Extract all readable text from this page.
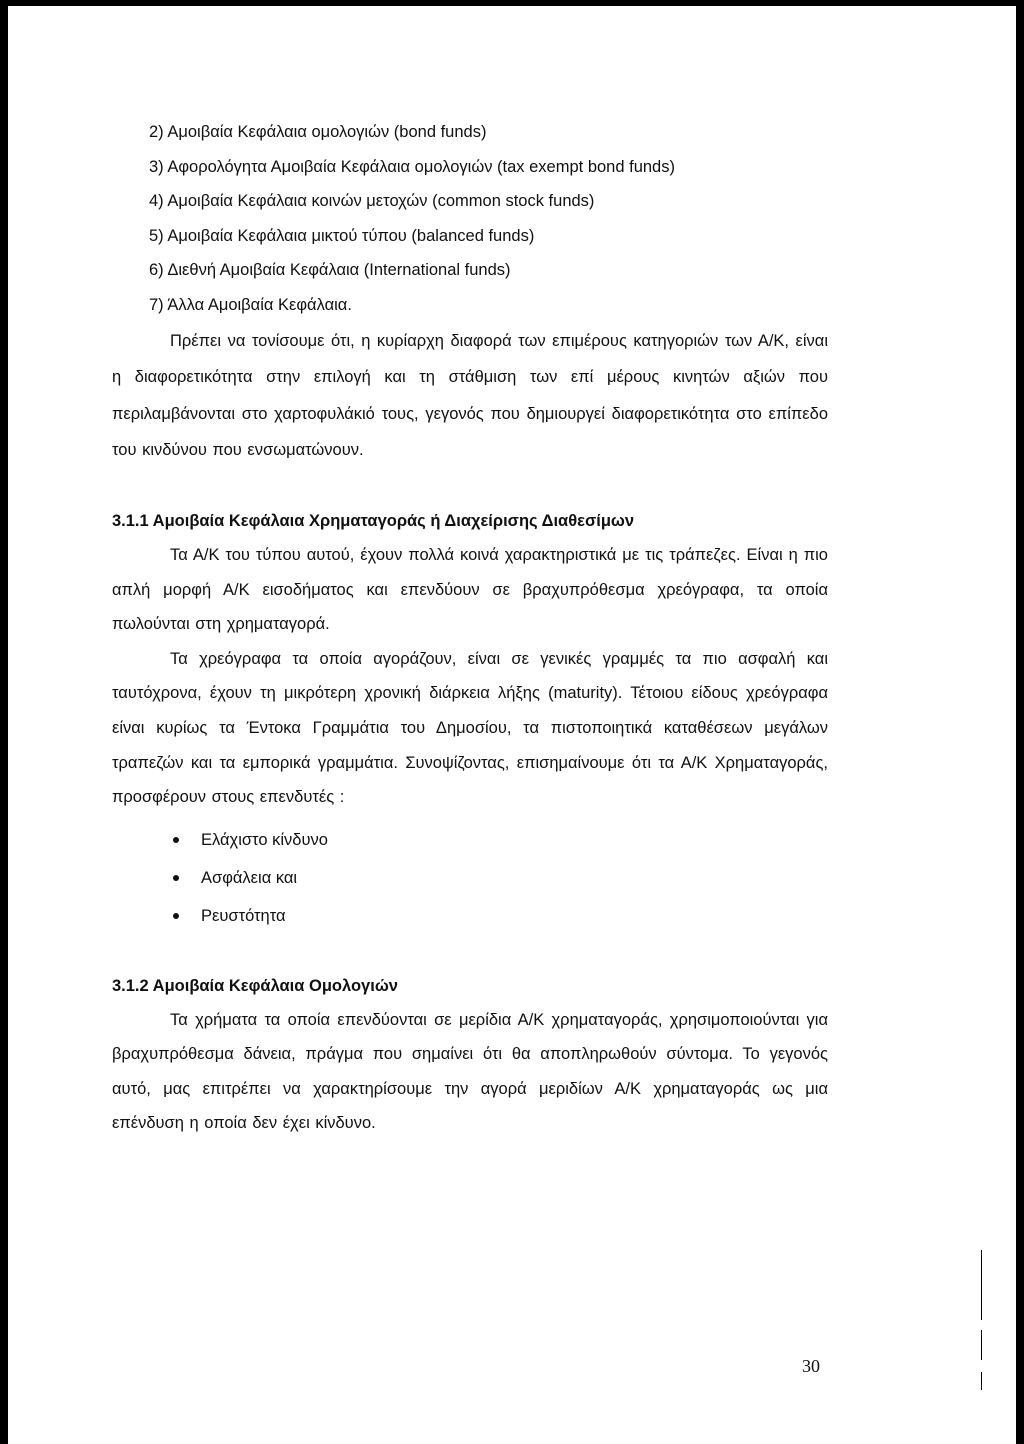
2) Αμοιβαία Κεφάλαια ομολογιών (bond funds)
3) Αφορολόγητα Αμοιβαία Κεφάλαια ομολογιών (tax exempt bond funds)
4) Αμοιβαία Κεφάλαια κοινών μετοχών (common stock funds)
5) Αμοιβαία Κεφάλαια μικτού τύπου (balanced funds)
6) Διεθνή Αμοιβαία Κεφάλαια (International funds)
7) Άλλα Αμοιβαία Κεφάλαια.

Πρέπει να τονίσουμε ότι, η κυρίαρχη διαφορά των επιμέρους κατηγοριών των Α/Κ, είναι η διαφορετικότητα στην επιλογή και τη στάθμιση των επί μέρους κινητών αξιών που περιλαμβάνονται στο χαρτοφυλάκιό τους, γεγονός που δημιουργεί διαφορετικότητα στο επίπεδο του κινδύνου που ενσωματώνουν.

3.1.1 Αμοιβαία Κεφάλαια Χρηματαγοράς ή Διαχείρισης Διαθεσίμων

Τα Α/Κ του τύπου αυτού, έχουν πολλά κοινά χαρακτηριστικά με τις τράπεζες. Είναι η πιο απλή μορφή Α/Κ εισοδήματος και επενδύουν σε βραχυπρόθεσμα χρεόγραφα, τα οποία πωλούνται στη χρηματαγορά.

Τα χρεόγραφα τα οποία αγοράζουν, είναι σε γενικές γραμμές τα πιο ασφαλή και ταυτόχρονα, έχουν τη μικρότερη χρονική διάρκεια λήξης (maturity). Τέτοιου είδους χρεόγραφα είναι κυρίως τα Έντοκα Γραμμάτια του Δημοσίου, τα πιστοποιητικά καταθέσεων μεγάλων τραπεζών και τα εμπορικά γραμμάτια. Συνοψίζοντας, επισημαίνουμε ότι τα Α/Κ Χρηματαγοράς, προσφέρουν στους επενδυτές :

Ελάχιστο κίνδυνο
Ασφάλεια και
Ρευστότητα

3.1.2 Αμοιβαία Κεφάλαια Ομολογιών

Τα χρήματα τα οποία επενδύονται σε μερίδια Α/Κ χρηματαγοράς, χρησιμοποιούνται για βραχυπρόθεσμα δάνεια, πράγμα που σημαίνει ότι θα αποπληρωθούν σύντομα. Το γεγονός αυτό, μας επιτρέπει να χαρακτηρίσουμε την αγορά μεριδίων Α/Κ χρηματαγοράς ως μια επένδυση η οποία δεν έχει κίνδυνο.

30
